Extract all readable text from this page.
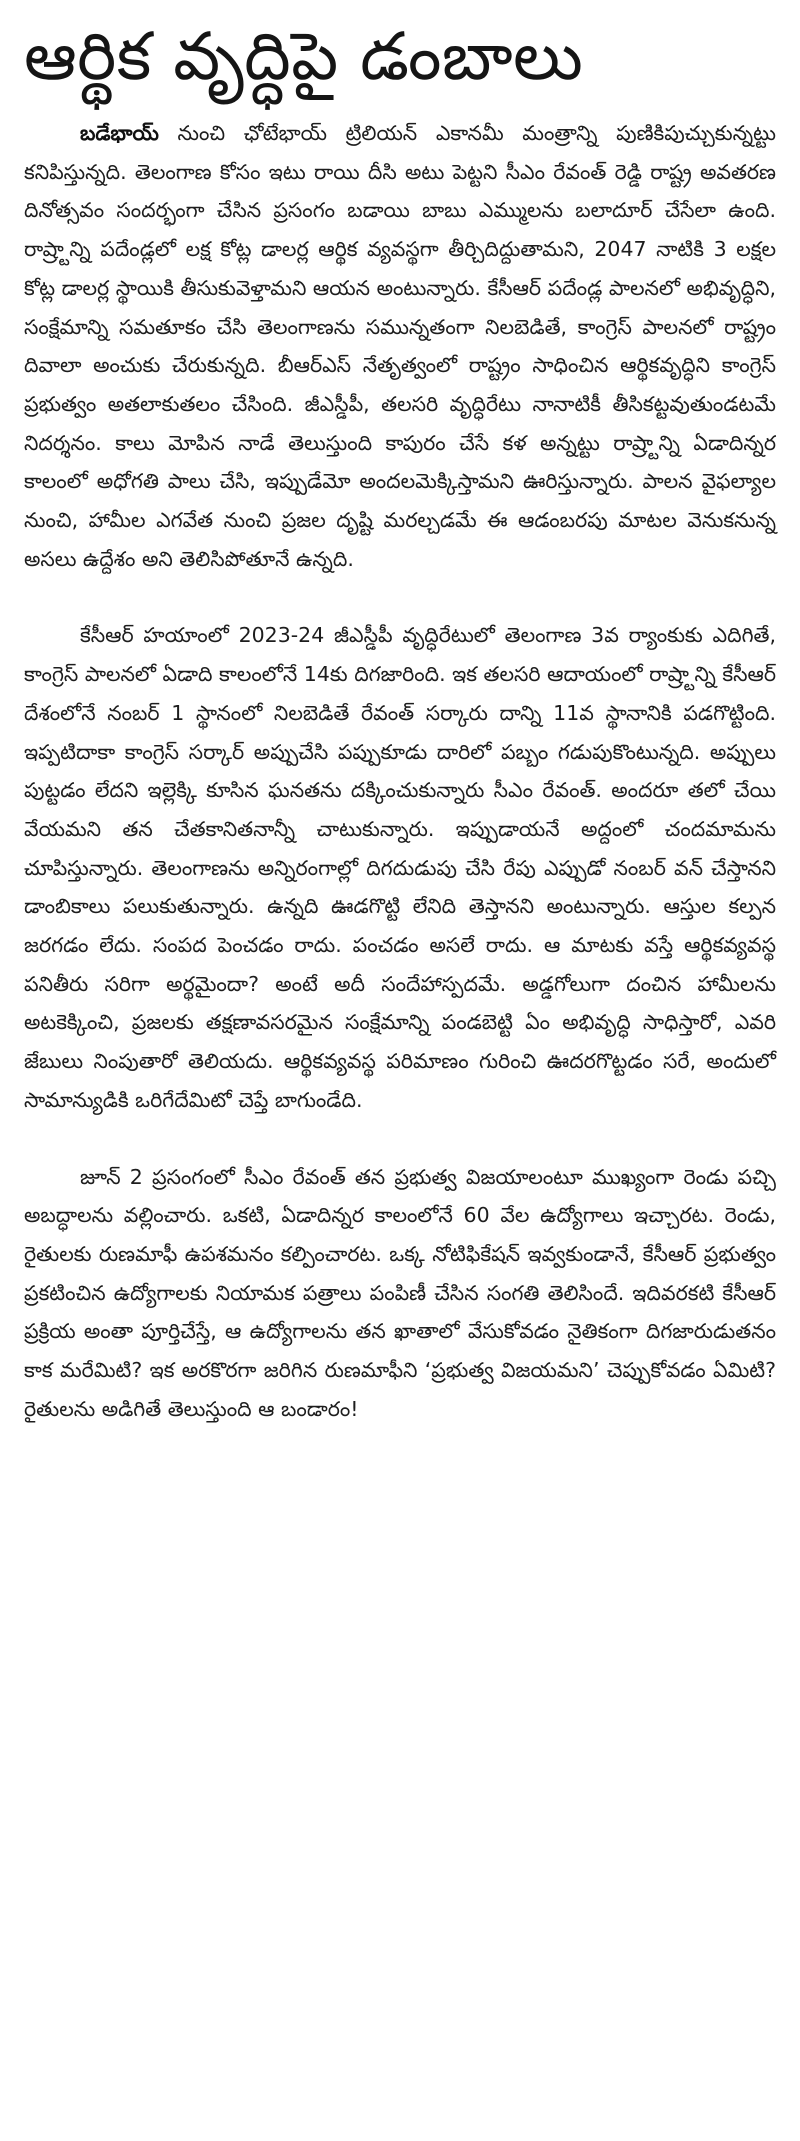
ఆర్థిక వృద్ధిపై డంబాలు

బడేభాయ్ నుంచి ఛోటేభాయ్ ట్రిలియన్ ఎకానమీ మంత్రాన్ని పుణికిపుచ్చుకున్నట్టు కనిపిస్తున్నది. తెలంగాణ కోసం ఇటు రాయి దీసి అటు పెట్టని సీఎం రేవంత్ రెడ్డి రాష్ట్ర అవతరణ దినోత్సవం సందర్భంగా చేసిన ప్రసంగం బడాయి బాబు ఎమ్ములను బలాదూర్ చేసేలా ఉంది. రాష్ర్టాన్ని పదేండ్లలో లక్ష కోట్ల డాలర్ల ఆర్థిక వ్యవస్థగా తీర్చిదిద్దుతామని, 2047 నాటికి 3 లక్షల కోట్ల డాలర్ల స్థాయికి తీసుకువెళ్తామని ఆయన అంటున్నారు. కేసీఆర్ పదేండ్ల పాలనలో అభివృద్ధిని, సంక్షేమాన్ని సమతూకం చేసి తెలంగాణను సమున్నతంగా నిలబెడితే, కాంగ్రెస్ పాలనలో రాష్ట్రం దివాలా అంచుకు చేరుకున్నది. బీఆర్ఎస్ నేతృత్వంలో రాష్ట్రం సాధించిన ఆర్థికవృద్ధిని కాంగ్రెస్ ప్రభుత్వం అతలాకుతలం చేసింది. జీఎస్డీపీ, తలసరి వృద్ధిరేటు నానాటికీ తీసికట్టవుతుండటమే నిదర్శనం. కాలు మోపిన నాడే తెలుస్తుంది కాపురం చేసే కళ అన్నట్టు రాష్ర్టాన్ని ఏడాదిన్నర కాలంలో అధోగతి పాలు చేసి, ఇప్పుడేమో అందలమెక్కిస్తామని ఊరిస్తున్నారు. పాలన వైఫల్యాల నుంచి, హామీల ఎగవేత నుంచి ప్రజల దృష్టి మరల్చడమే ఈ ఆడంబరపు మాటల వెనుకనున్న అసలు ఉద్దేశం అని తెలిసిపోతూనే ఉన్నది.

కేసీఆర్ హయాంలో 2023-24 జీఎస్డీపీ వృద్ధిరేటులో తెలంగాణ 3వ ర్యాంకుకు ఎదిగితే, కాంగ్రెస్ పాలనలో ఏడాది కాలంలోనే 14కు దిగజారింది. ఇక తలసరి ఆదాయంలో రాష్ర్టాన్ని కేసీఆర్ దేశంలోనే నంబర్ 1 స్థానంలో నిలబెడితే రేవంత్ సర్కారు దాన్ని 11వ స్థానానికి పడగొట్టింది. ఇప్పటిదాకా కాంగ్రెస్ సర్కార్ అప్పుచేసి పప్పుకూడు దారిలో పబ్బం గడుపుకొంటున్నది. అప్పులు పుట్టడం లేదని ఇల్లెక్కి కూసిన ఘనతను దక్కించుకున్నారు సీఎం రేవంత్. అందరూ తలో చేయి వేయమని తన చేతకానితనాన్నీ చాటుకున్నారు. ఇప్పుడాయనే అద్దంలో చందమామను చూపిస్తున్నారు. తెలంగాణను అన్నిరంగాల్లో దిగదుడుపు చేసి రేపు ఎప్పుడో నంబర్ వన్ చేస్తానని డాంబికాలు పలుకుతున్నారు. ఉన్నది ఊడగొట్టి లేనిది తెస్తానని అంటున్నారు. ఆస్తుల కల్పన జరగడం లేదు. సంపద పెంచడం రాదు. పంచడం అసలే రాదు. ఆ మాటకు వస్తే ఆర్థికవ్యవస్థ పనితీరు సరిగా అర్థమైందా? అంటే అదీ సందేహాస్పదమే. అడ్డగోలుగా దంచిన హామీలను అటకెక్కించి, ప్రజలకు తక్షణావసరమైన సంక్షేమాన్ని పండబెట్టి ఏం అభివృద్ధి సాధిస్తారో, ఎవరి జేబులు నింపుతారో తెలియదు. ఆర్థికవ్యవస్థ పరిమాణం గురించి ఊదరగొట్టడం సరే, అందులో సామాన్యుడికి ఒరిగేదేమిటో చెప్తే బాగుండేది.

జూన్ 2 ప్రసంగంలో సీఎం రేవంత్ తన ప్రభుత్వ విజయాలంటూ ముఖ్యంగా రెండు పచ్చి అబద్ధాలను వల్లించారు. ఒకటి, ఏడాదిన్నర కాలంలోనే 60 వేల ఉద్యోగాలు ఇచ్చారట. రెండు, రైతులకు రుణమాఫీ ఉపశమనం కల్పించారట. ఒక్క నోటిఫికేషన్ ఇవ్వకుండానే, కేసీఆర్ ప్రభుత్వం ప్రకటించిన ఉద్యోగాలకు నియామక పత్రాలు పంపిణీ చేసిన సంగతి తెలిసిందే. ఇదివరకటి కేసీఆర్ ప్రక్రియ అంతా పూర్తిచేస్తే, ఆ ఉద్యోగాలను తన ఖాతాలో వేసుకోవడం నైతికంగా దిగజారుడుతనం కాక మరేమిటి? ఇక అరకొరగా జరిగిన రుణమాఫీని ‘ప్రభుత్వ విజయమని’ చెప్పుకోవడం ఏమిటి? రైతులను అడిగితే తెలుస్తుంది ఆ బండారం!
